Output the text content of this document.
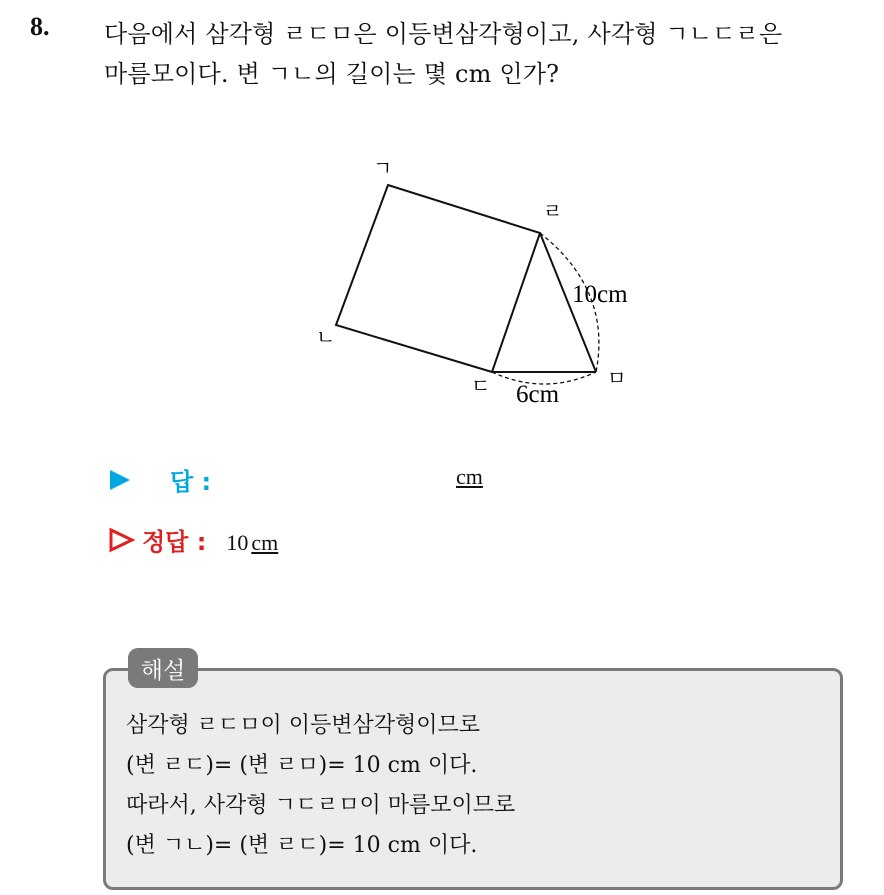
8. 다음에서 삼각형 ㄹㄷㅁ은 이등변삼각형이고, 사각형 ㄱㄴㄷㄹ은
마름모이다. 변 ㄱㄴ의 길이는 몇 cm 인가?
ㄱ
ㄴ
ㄷ
ㄹ
ㅁ
10cm
6cm
답 :	cm
정답 : 10 cm
해설
삼각형 ㄹㄷㅁ이 이등변삼각형이므로
(변 ㄹㄷ)= (변 ㄹㅁ)= 10 cm 이다.
따라서, 사각형 ㄱㄷㄹㅁ이 마름모이므로
(변 ㄱㄴ)= (변 ㄹㄷ)= 10 cm 이다.
